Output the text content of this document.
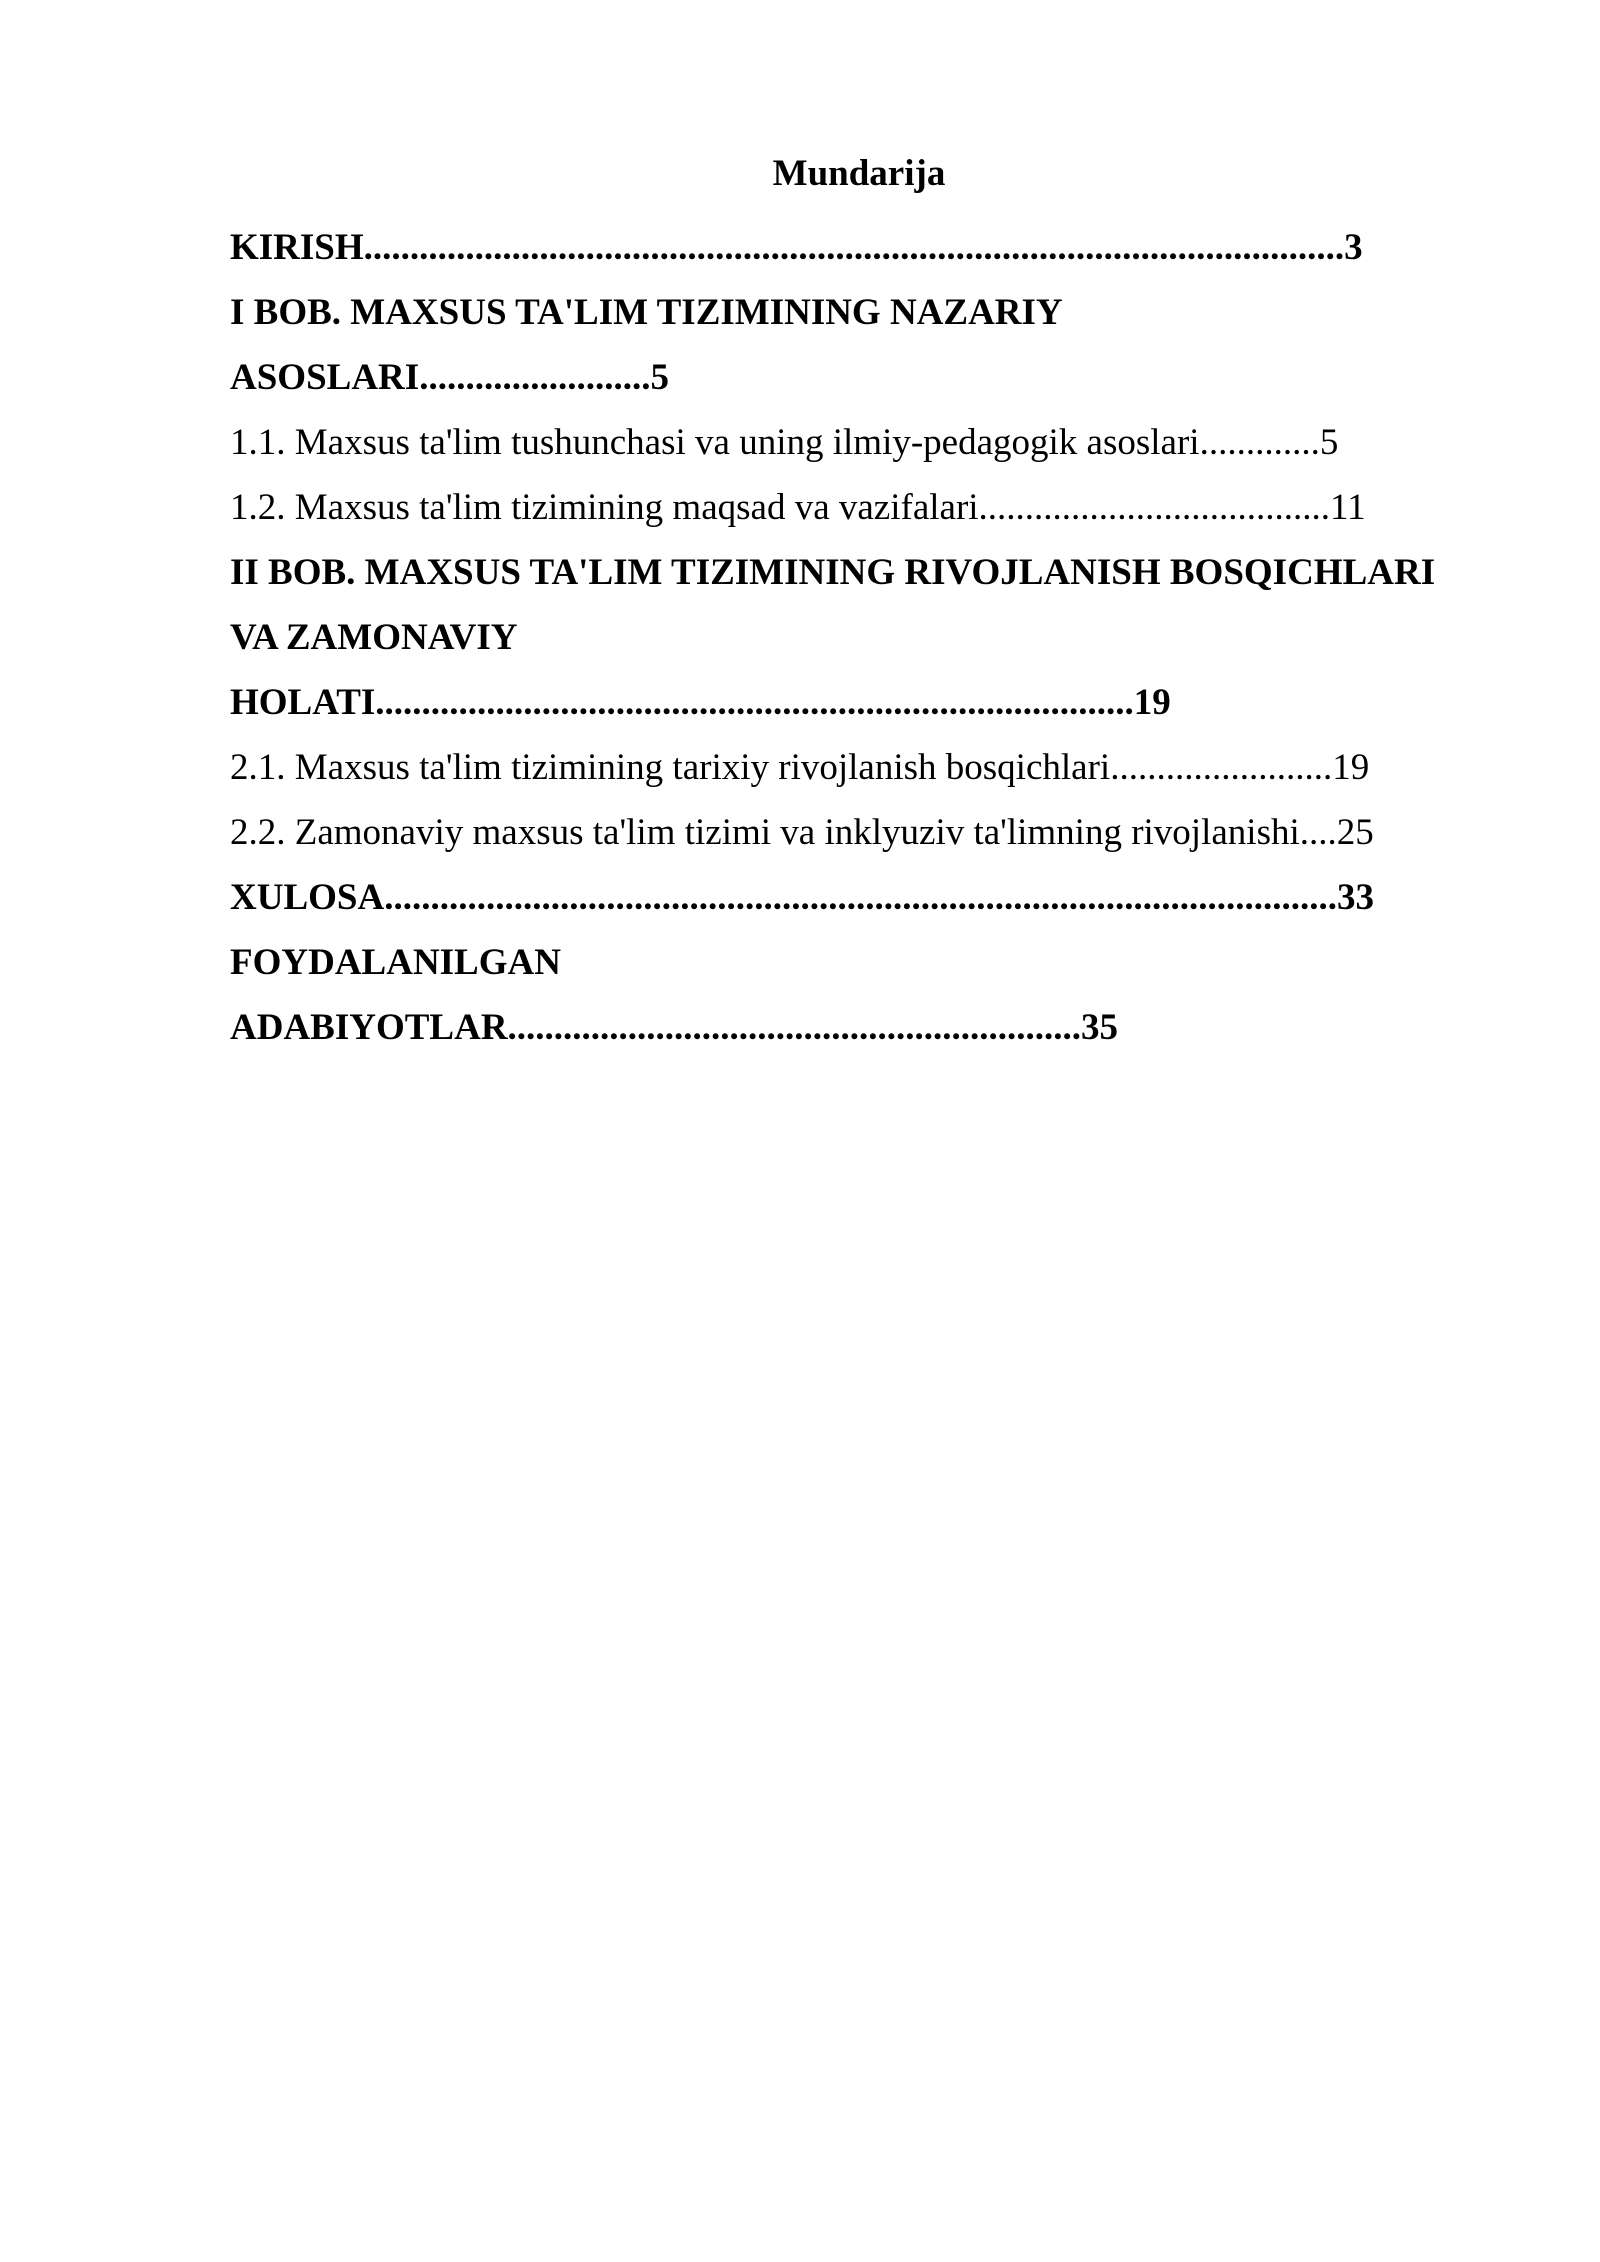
Mundarija

KIRISH..........................................................................................................3

I BOB. MAXSUS TA'LIM TIZIMINING NAZARIY

ASOSLARI.........................5

1.1. Maxsus ta'lim tushunchasi va uning ilmiy-pedagogik asoslari.............5

1.2. Maxsus ta'lim tizimining maqsad va vazifalari......................................11

II BOB. MAXSUS TA'LIM TIZIMINING RIVOJLANISH BOSQICHLARI

VA ZAMONAVIY

HOLATI..................................................................................19

2.1. Maxsus ta'lim tizimining tarixiy rivojlanish bosqichlari........................19

2.2. Zamonaviy maxsus ta'lim tizimi va inklyuziv ta'limning rivojlanishi....25

XULOSA.......................................................................................................33

FOYDALANILGAN

ADABIYOTLAR..............................................................35
